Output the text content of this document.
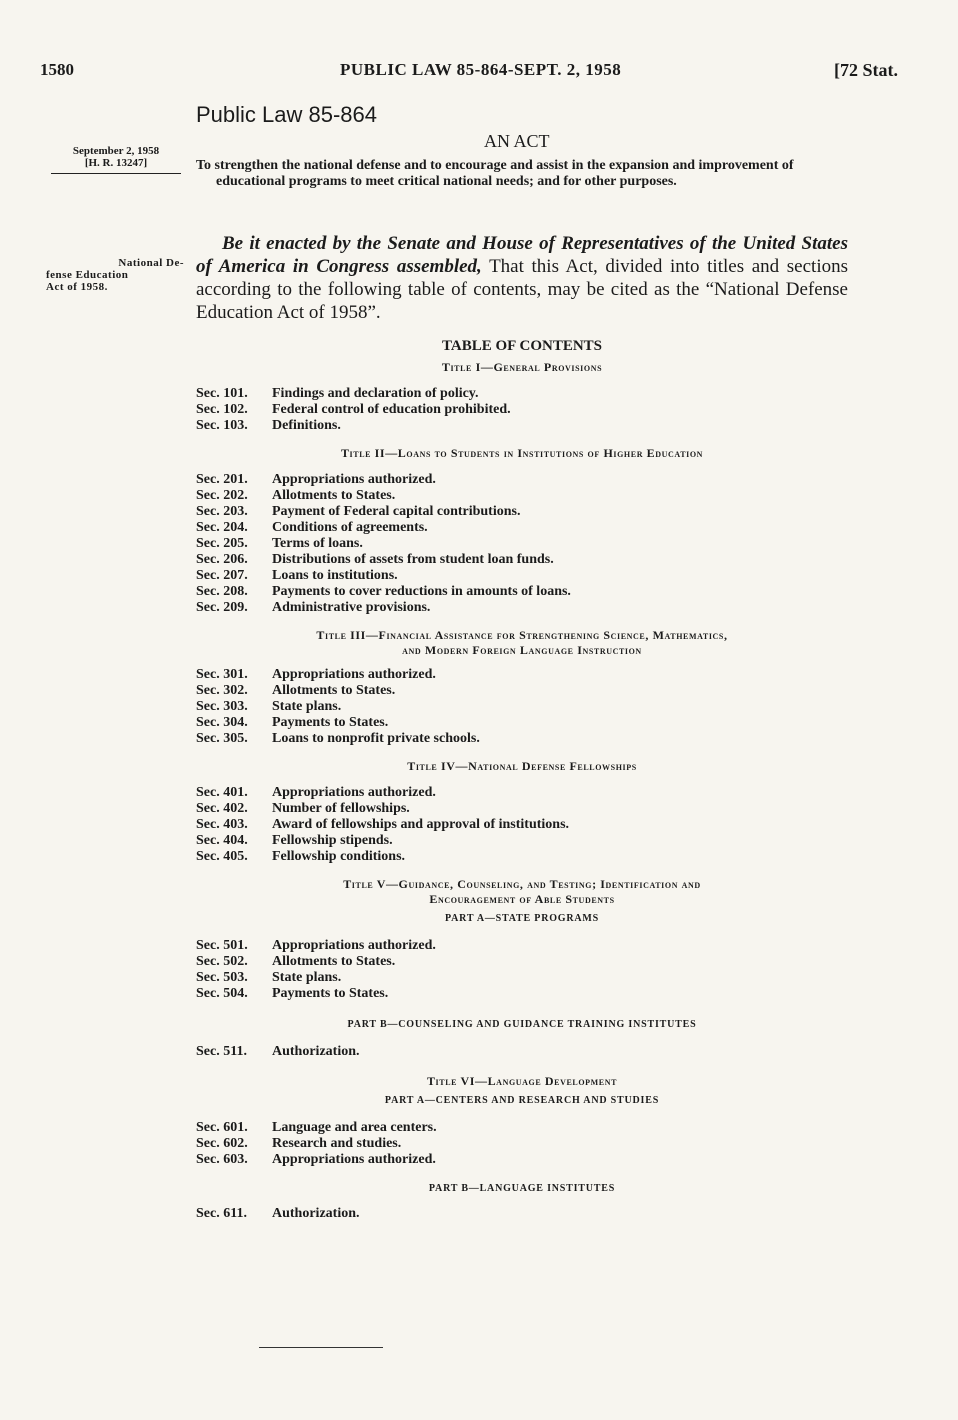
1580	PUBLIC LAW 85-864-SEPT. 2, 1958	[72 Stat.
Public Law 85-864
AN ACT
September 2, 1958
[H. R. 13247]
National De-
fense Education
Act of 1958.

To strengthen the national defense and to encourage and assist in the expansion and improvement of educational programs to meet critical national needs; and for other purposes.

Be it enacted by the Senate and House of Representatives of the United States of America in Congress assembled, That this Act, divided into titles and sections according to the following table of contents, may be cited as the “National Defense Education Act of 1958”.

TABLE OF CONTENTS
Title I—General Provisions

Sec. 101. Findings and declaration of policy.

Sec. 102. Federal control of education prohibited.

Sec. 103. Definitions.

Title II—Loans to Students in Institutions of Higher Education

Sec. 201. Appropriations authorized.

Sec. 202. Allotments to States.

Sec. 203. Payment of Federal capital contributions.

Sec. 204. Conditions of agreements.

Sec. 205. Terms of loans.

Sec. 206. Distributions of assets from student loan funds.

Sec. 207. Loans to institutions.

Sec. 208. Payments to cover reductions in amounts of loans.

Sec. 209. Administrative provisions.

Title III—Financial Assistance for Strengthening Science, Mathematics,
and Modern Foreign Language Instruction

Sec. 301. Appropriations authorized.

Sec. 302. Allotments to States.

Sec. 303. State plans.

Sec. 304. Payments to States.

Sec. 305. Loans to nonprofit private schools.

Title IV—National Defense Fellowships

Sec. 401. Appropriations authorized.

Sec. 402. Number of fellowships.

Sec. 403. Award of fellowships and approval of institutions.

Sec. 404. Fellowship stipends.

Sec. 405. Fellowship conditions.

Title V—Guidance, Counseling, and Testing; Identification and
Encouragement of Able Students
PART A—STATE PROGRAMS

Sec. 501. Appropriations authorized.

Sec. 502. Allotments to States.

Sec. 503. State plans.

Sec. 504. Payments to States.

PART B—COUNSELING AND GUIDANCE TRAINING INSTITUTES

Sec. 511. Authorization.

Title VI—Language Development
PART A—CENTERS AND RESEARCH AND STUDIES

Sec. 601. Language and area centers.

Sec. 602. Research and studies.

Sec. 603. Appropriations authorized.

PART B—LANGUAGE INSTITUTES

Sec. 611. Authorization.
